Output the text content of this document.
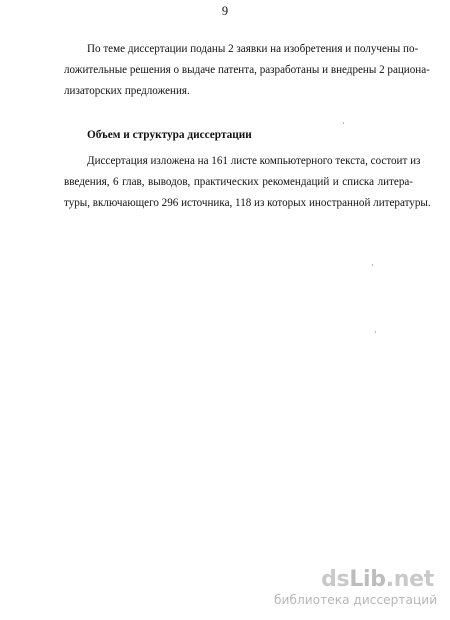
9
По теме диссертации поданы 2 заявки на изобретения и получены по-
ложительные решения о выдаче патента, разработаны и внедрены 2 рациона-
лизаторских предложения.
Объем и структура диссертации
Диссертация изложена на 161 листе компьютерного текста, состоит из
введения, 6 глав, выводов, практических рекомендаций и списка литера-
туры, включающего 296 источника, 118 из которых иностранной литературы.
dsLib.net
библиотека диссертаций
